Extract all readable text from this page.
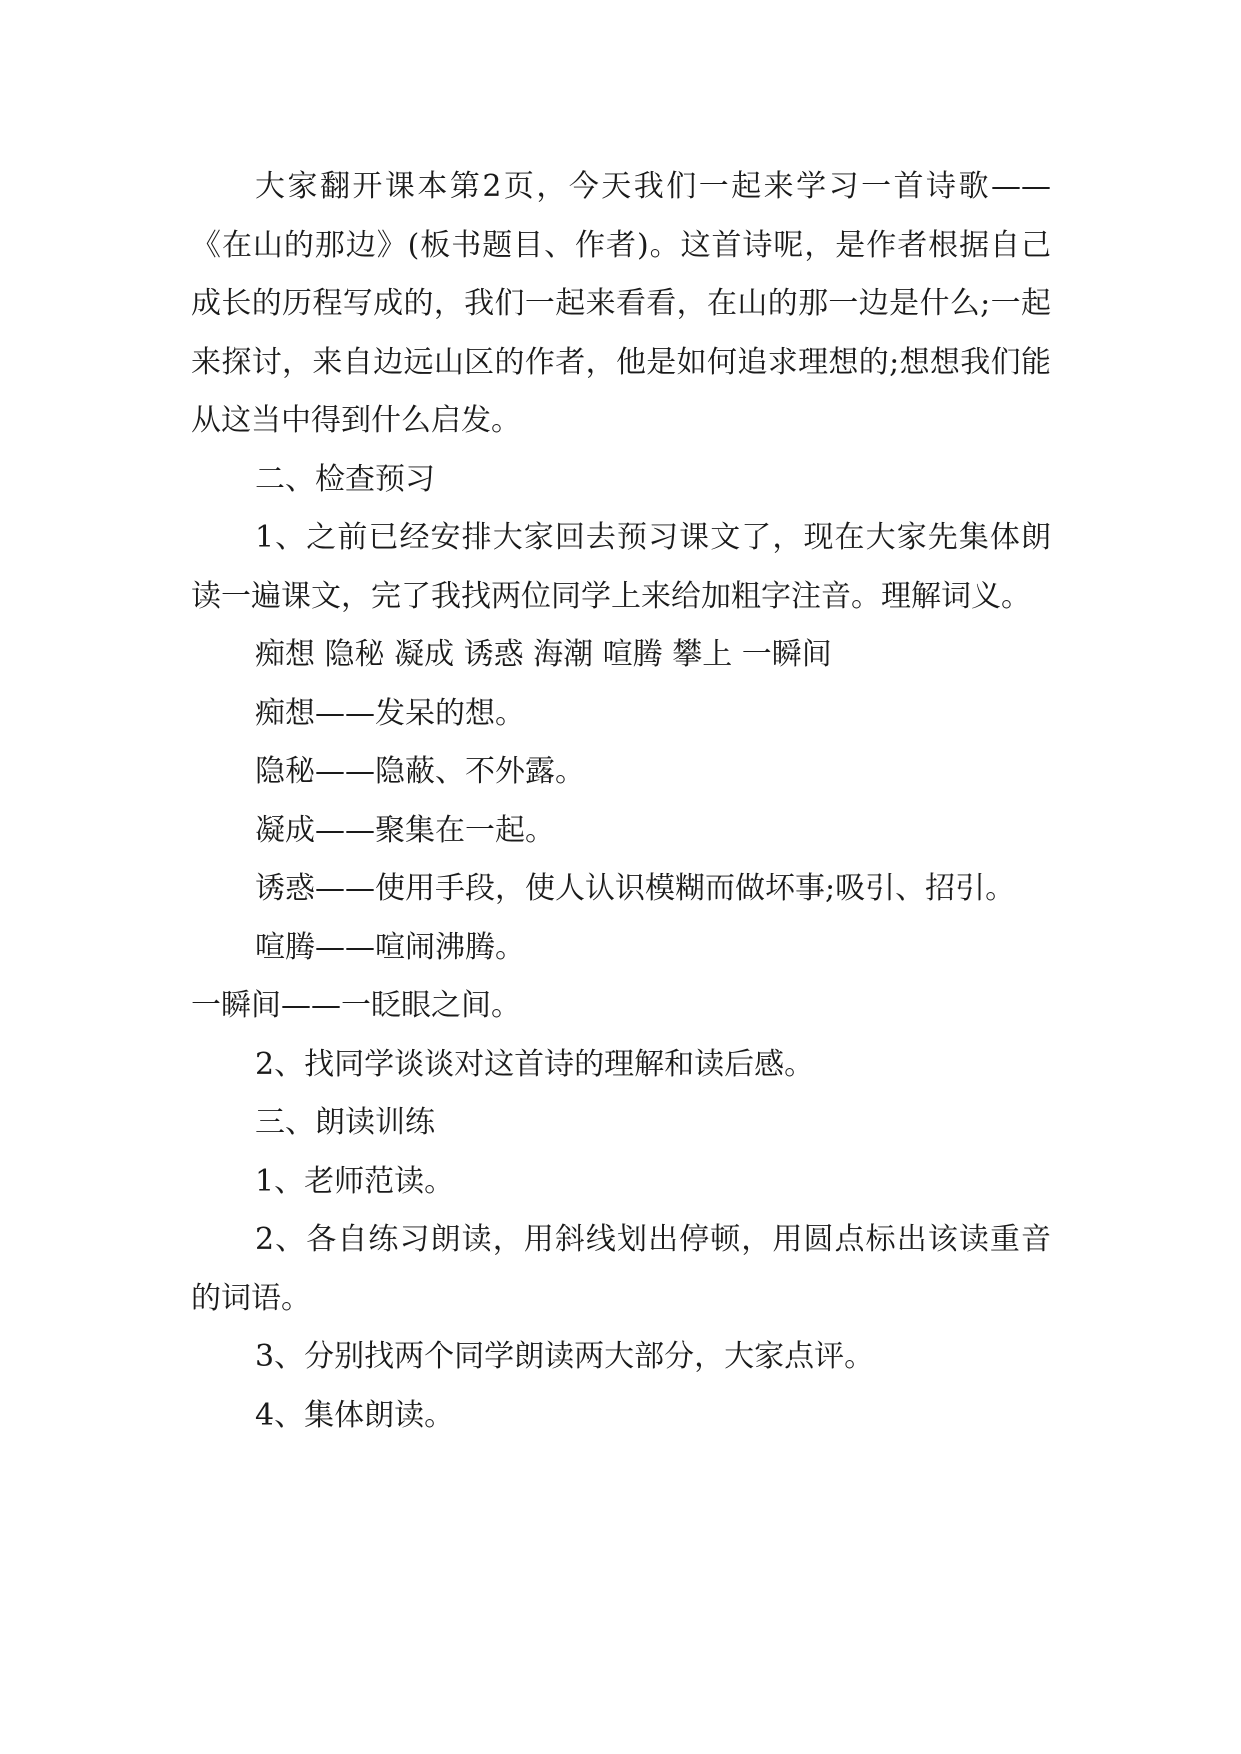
大家翻开课本第2页，今天我们一起来学习一首诗歌——《在山的那边》(板书题目、作者)。这首诗呢，是作者根据自己成长的历程写成的，我们一起来看看，在山的那一边是什么;一起来探讨，来自边远山区的作者，他是如何追求理想的;想想我们能从这当中得到什么启发。

二、检查预习

1、之前已经安排大家回去预习课文了，现在大家先集体朗读一遍课文，完了我找两位同学上来给加粗字注音。理解词义。

痴想 隐秘 凝成 诱惑 海潮 喧腾 攀上 一瞬间

痴想——发呆的想。

隐秘——隐蔽、不外露。

凝成——聚集在一起。

诱惑——使用手段，使人认识模糊而做坏事;吸引、招引。

喧腾——喧闹沸腾。

一瞬间——一眨眼之间。

2、找同学谈谈对这首诗的理解和读后感。

三、朗读训练

1、老师范读。

2、各自练习朗读，用斜线划出停顿，用圆点标出该读重音的词语。

3、分别找两个同学朗读两大部分，大家点评。

4、集体朗读。
